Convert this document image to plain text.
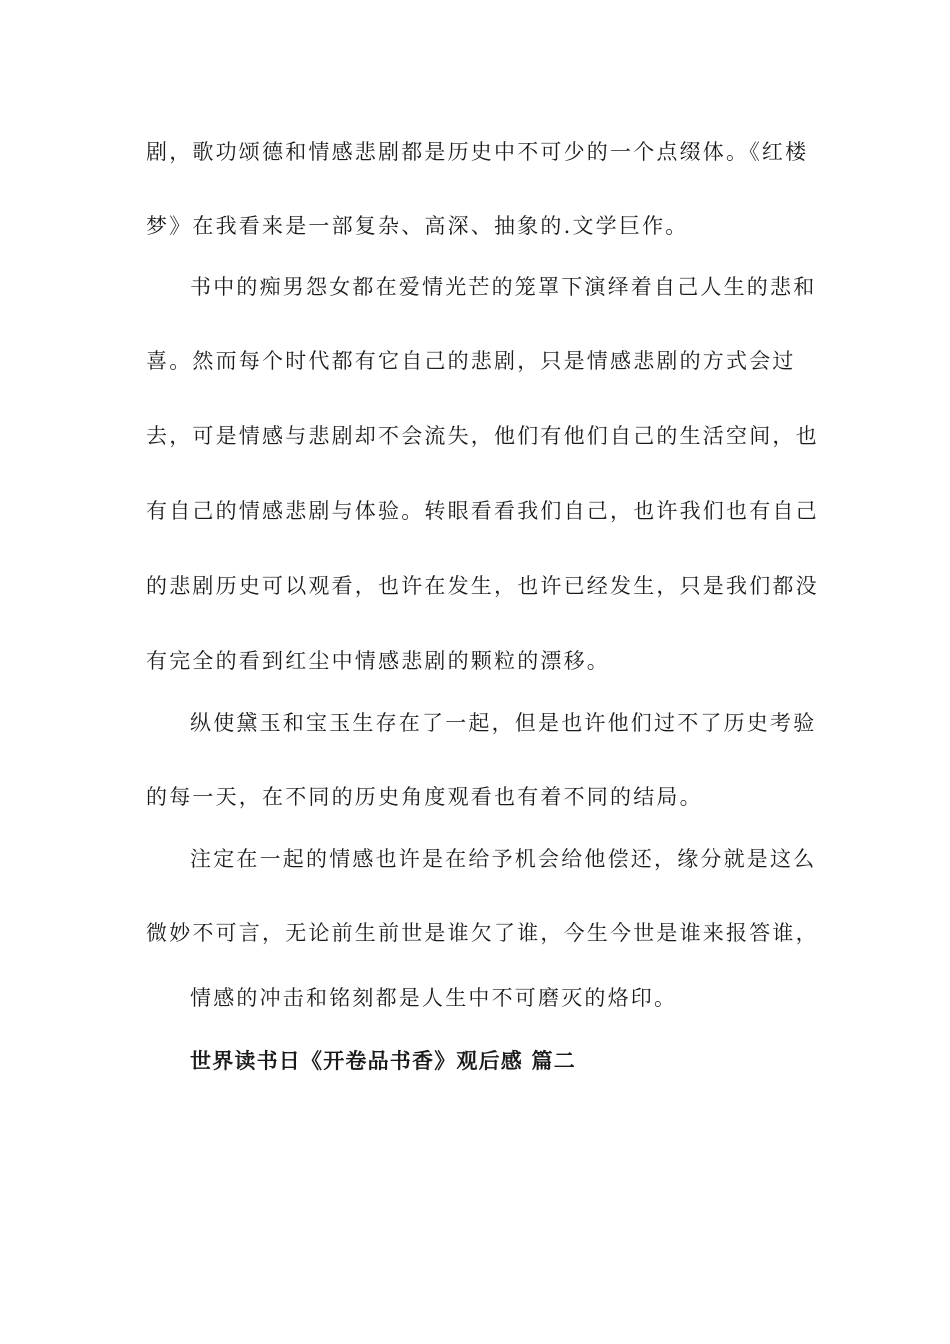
剧，歌功颂德和情感悲剧都是历史中不可少的一个点缀体。《红楼
梦》在我看来是一部复杂、高深、抽象的.文学巨作。
书中的痴男怨女都在爱情光芒的笼罩下演绎着自己人生的悲和
喜。然而每个时代都有它自己的悲剧，只是情感悲剧的方式会过
去，可是情感与悲剧却不会流失，他们有他们自己的生活空间，也
有自己的情感悲剧与体验。转眼看看我们自己，也许我们也有自己
的悲剧历史可以观看，也许在发生，也许已经发生，只是我们都没
有完全的看到红尘中情感悲剧的颗粒的漂移。
纵使黛玉和宝玉生存在了一起，但是也许他们过不了历史考验
的每一天，在不同的历史角度观看也有着不同的结局。
注定在一起的情感也许是在给予机会给他偿还，缘分就是这么
微妙不可言，无论前生前世是谁欠了谁，今生今世是谁来报答谁，
情感的冲击和铭刻都是人生中不可磨灭的烙印。
世界读书日《开卷品书香》观后感 篇二
